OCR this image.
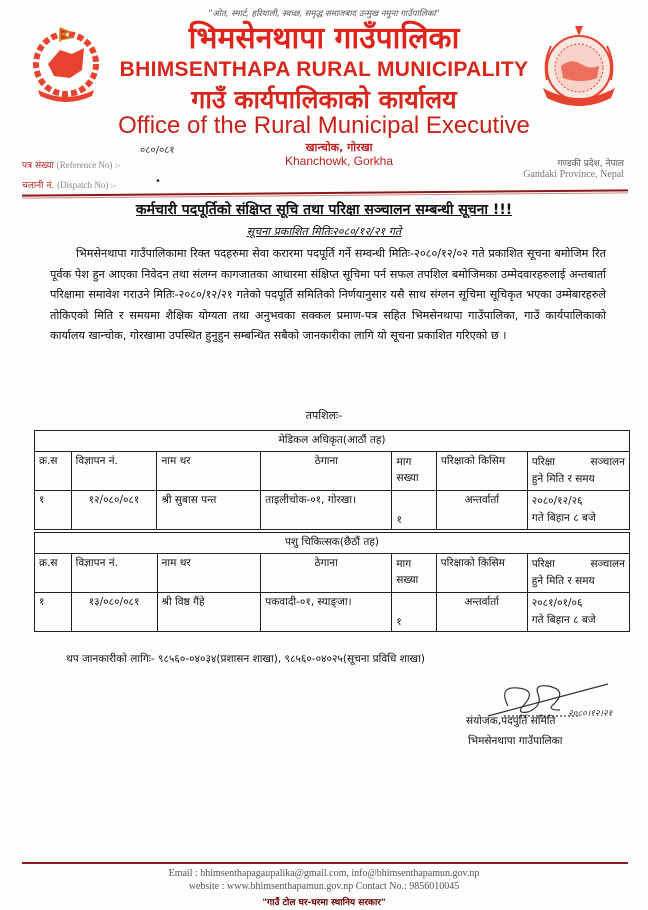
"ओत, स्मार्ट, हरियाली, स्वच्छ, समृद्ध समाजबाद उन्मुख नमुना गाउँपालिका"
भिमसेनथापा गाउँपालिका
BHIMSENTHAPA RURAL MUNICIPALITY
गाउँ कार्यपालिकाको कार्यालय
Office of the Rural Municipal Executive
०८०/०८१	खान्चोक, गोरखा
Khanchowk, Gorkha
पत्र संख्या (Reference No) :-
चलानी नं. (Dispatch No) :-	•
गण्डकी प्रदेश, नेपाल
Gandaki Province, Nepal
कर्मचारी पदपूर्तिको संक्षिप्त सूचि तथा परिक्षा सञ्चालन सम्बन्धी सूचना !!!
सूचना प्रकाशित मितिः२०८०/१२/२१ गते

भिमसेनथापा गाउँपालिकामा रिक्त पदहरुमा सेवा करारमा पदपूर्ति गर्ने सम्वन्धी मितिः-२०८०/१२/०२ गते प्रकाशित सूचना बमोजिम रित पूर्वक पेश हुन आएका निवेदन तथा संलग्न कागजातका आधारमा संक्षिप्त सूचिमा पर्न सफल तपशिल बमोजिमका उम्मेदवारहरुलाई अन्तबार्ता परिक्षामा समावेश गराउने मितिः-२०८०/१२/२१ गतेको पदपूर्ति समितिको निर्णयानुसार यसै साथ संग्लन सूचिमा सूचिकृत भएका उम्मेबारहरुले तोकिएको मिति र समयमा शैक्षिक योग्यता तथा अनुभवका सक्कल प्रमाण-पत्र सहित भिमसेनथापा गाउँपालिका, गाउँ कार्यपालिकाको कार्यालय खान्चोक, गोरखामा उपस्थित हुनुहुन सम्बन्धित सबैको जानकारीका लागि यो सूचना प्रकाशित गरिएको छ ।

तपशिलः-
मेडिकल अधिकृत(आठौं तह)						
क्र.स	विज्ञापन नं.	नाम थर	ठेगाना	माग सख्या	परिक्षाको किसिम	परिक्षा सञ्चालन
हुने मिति र समय

१	१२/०८०/०८१	श्री सुबास पन्त	ताइलीचोक-०१, गोरखा।	१	अन्तर्वार्ता	२०८०/१२/२६
गते बिहान ८ बजे
पशु चिकित्सक(छैठौं तह)						
क्र.स	विज्ञापन नं.	नाम थर	ठेगाना	माग सख्या	परिक्षाको किसिम	परिक्षा सञ्चालन
हुने मिति र समय

१	१३/०८०/०८१	श्री विष्ठ गैंहे	पकवादी-०१, स्याङ्जा।	१	अन्तर्वार्ता	२०८१/०१/०६
गते बिहान ८ बजे
थप जानकारीको लागिः- ९८५६०-०४०३४(प्रशासन शाखा), ९८५६०-०४०२५(सूचना प्रविधि शाखा)
२०८०।१२।२१
संयोजक,पदपुर्ति समिति
भिमसेनथापा गाउँपालिका
Email : bhimsenthapagaupalika@gmail.com, info@bhimsenthapamun.gov.np
website : www.bhimsenthapamun.gov.np Contact No.: 9856010045
"गाउँ टोल घर-घरमा स्थानिय सरकार"
